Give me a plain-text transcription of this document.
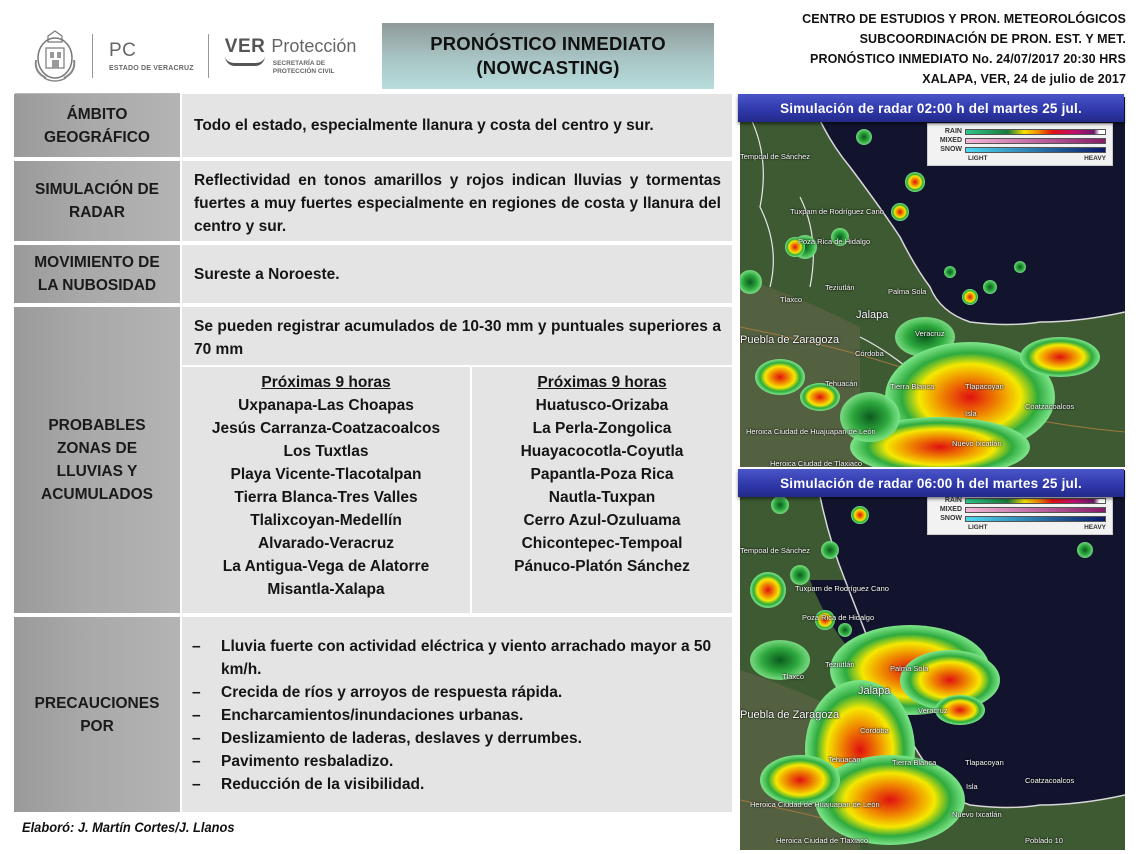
PC
ESTADO DE VERACRUZ
VER Protección
SECRETARÍA DE
PROTECCIÓN CIVIL
PRONÓSTICO INMEDIATO
(NOWCASTING)
CENTRO DE ESTUDIOS Y PRON. METEOROLÓGICOS
SUBCOORDINACIÓN DE PRON. EST. Y MET.
PRONÓSTICO INMEDIATO No. 24/07/2017 20:30 HRS
XALAPA, VER, 24 de julio de 2017
ÁMBITO GEOGRÁFICO
Todo el estado, especialmente llanura y costa del centro y sur.
SIMULACIÓN DE RADAR
Reflectividad en tonos amarillos y rojos indican lluvias y tormentas fuertes a muy fuertes especialmente en regiones de costa y llanura del centro y sur.
MOVIMIENTO DE LA NUBOSIDAD
Sureste a Noroeste.
PROBABLES ZONAS DE LLUVIAS Y ACUMULADOS
Se pueden registrar acumulados de 10-30 mm y puntuales superiores a 70 mm
Próximas 9 horas
Uxpanapa-Las Choapas
Jesús Carranza-Coatzacoalcos
Los Tuxtlas
Playa Vicente-Tlacotalpan
Tierra Blanca-Tres Valles
Tlalixcoyan-Medellín
Alvarado-Veracruz
La Antigua-Vega de Alatorre
Misantla-Xalapa
Próximas 9 horas
Huatusco-Orizaba
La Perla-Zongolica
Huayacocotla-Coyutla
Papantla-Poza Rica
Nautla-Tuxpan
Cerro Azul-Ozuluama
Chicontepec-Tempoal
Pánuco-Platón Sánchez
PRECAUCIONES POR
–	Lluvia fuerte con actividad eléctrica y viento arrachado mayor a 50 km/h.
–	Crecida de ríos y arroyos de respuesta rápida.
–	Encharcamientos/inundaciones urbanas.
–	Deslizamiento de laderas, deslaves y derrumbes.
–	Pavimento resbaladizo.
–	Reducción de la visibilidad.
Elaboró: J. Martín Cortes/J. Llanos
Simulación de radar 02:00 h del martes 25 jul.
RAIN
MIXED
SNOW
LIGHT	HEAVY
Tempoal de Sánchez
Tuxpam de Rodríguez Cano
Poza Rica de Hidalgo
Teziutlán	Palma Sola
Tlaxco
Jalapa
Puebla de Zaragoza
Veracruz
Córdoba
Tehuacán	Tierra Blanca	Tlapacoyan
Isla
Coatzacoalcos
Heroica Ciudad de Huajuapan de León
Nuevo Ixcatlán
Heroica Ciudad de Tlaxiaco
Simulación de radar 06:00 h del martes 25 jul.
RAIN
MIXED
SNOW
LIGHT	HEAVY
Tempoal de Sánchez
Tuxpam de Rodríguez Cano
Poza Rica de Hidalgo
Teziutlán	Palma Sola
Tlaxco
Jalapa
Puebla de Zaragoza	Veracruz
Córdoba
Tehuacán	Tierra Blanca	Tlapacoyan
Isla
Coatzacoalcos
Heroica Ciudad de Huajuapan de León
Nuevo Ixcatlán
Heroica Ciudad de Tlaxiaco	Poblado 10
